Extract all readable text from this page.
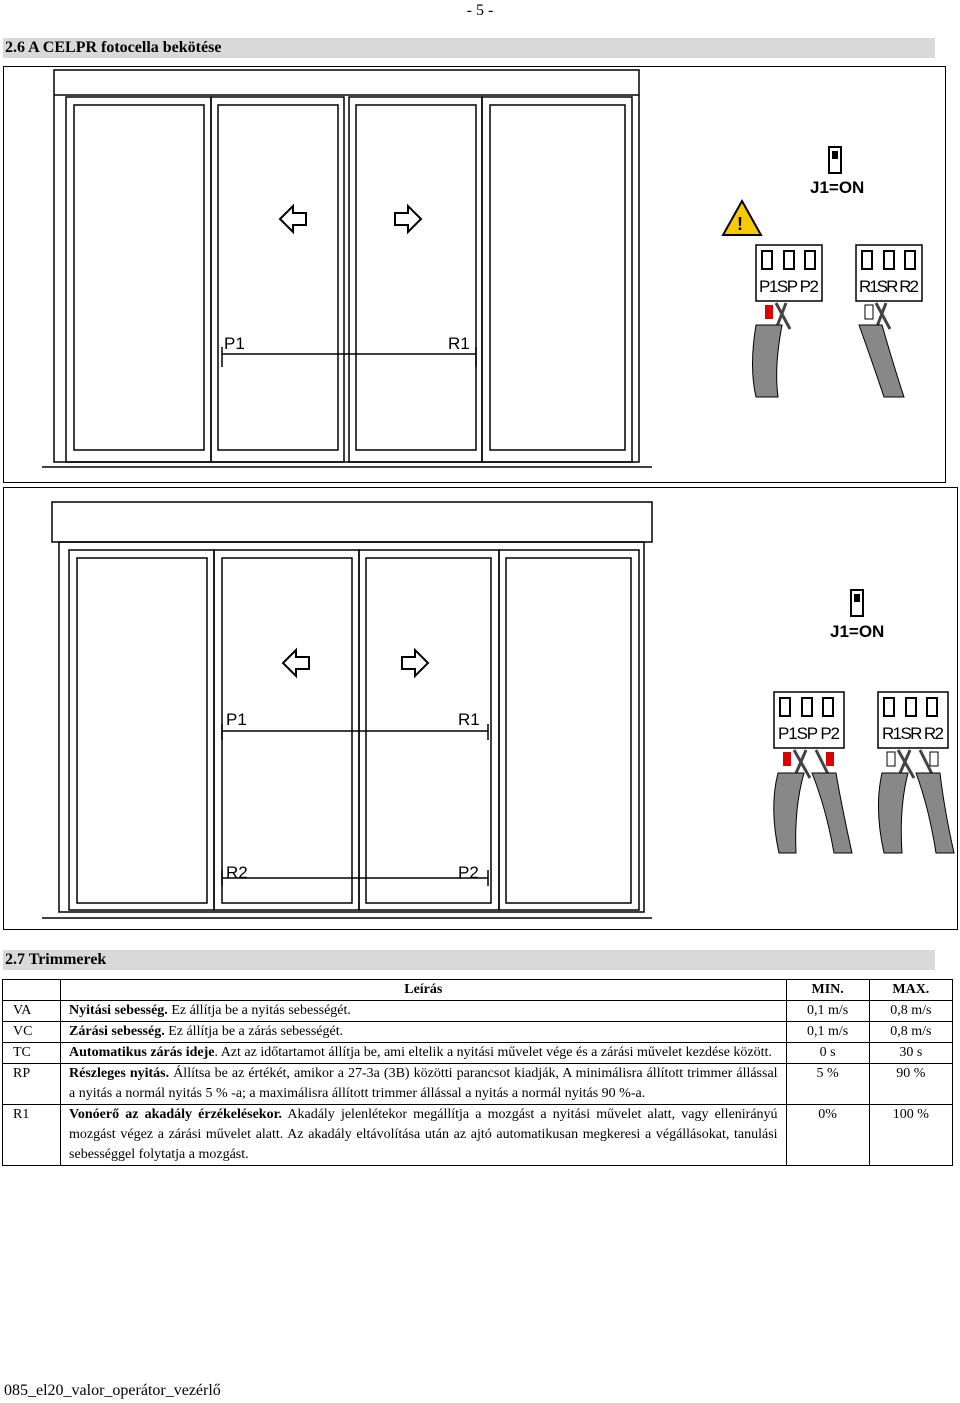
- 5 -
2.6 A CELPR fotocella bekötése
P1	R1
J1=ON
!
P1SP P2 R1SR R2
P1	R1
R2	P2
J1=ON
P1SP P2 R1SR R2
2.7 Trimmerek
	Leírás	MIN.	MAX.
VA	Nyitási sebesség. Ez állítja be a nyitás sebességét.	0,1 m/s	0,8 m/s
VC	Zárási sebesség. Ez állítja be a zárás sebességét.	0,1 m/s	0,8 m/s
TC	Automatikus zárás ideje. Azt az időtartamot állítja be, ami eltelik a nyitási művelet vége és a zárási művelet kezdése között.	0 s	30 s
RP	Részleges nyitás. Állítsa be az értékét, amikor a 27-3a (3B) közötti parancsot kiadják, A minimálisra állított trimmer állással a nyitás a normál nyitás 5 % -a; a maximálisra állított trimmer állással a nyitás a normál nyitás 90 %-a.	5 %	90 %
R1	Vonóerő az akadály érzékelésekor. Akadály jelenlétekor megállítja a mozgást a nyitási művelet alatt, vagy ellenirányú mozgást végez a zárási művelet alatt. Az akadály eltávolítása után az ajtó automatikusan megkeresi a végállásokat, tanulási sebességgel folytatja a mozgást.	0%	100 %
085_el20_valor_operátor_vezérlő
